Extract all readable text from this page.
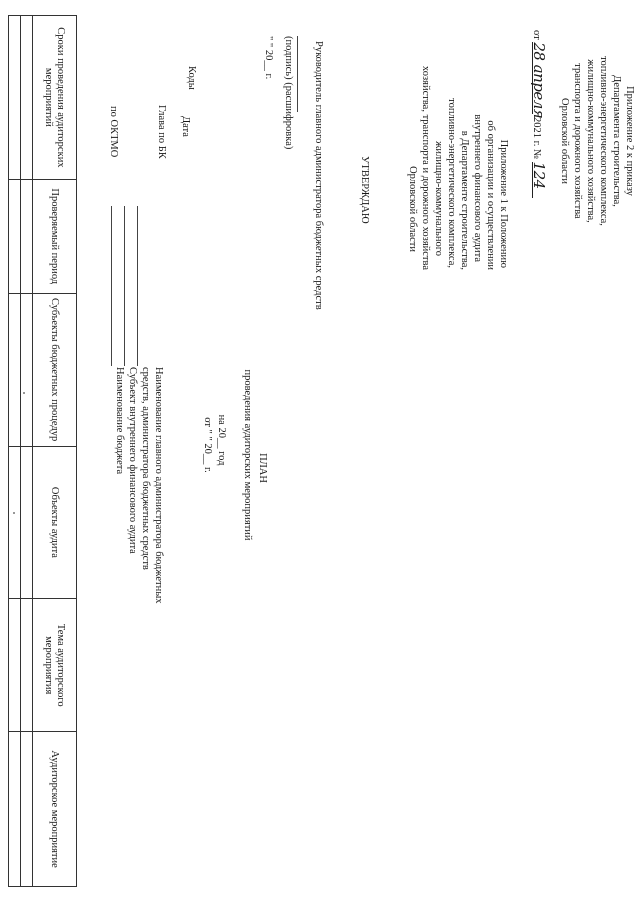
Приложение 2 к приказу
Департамента строительства,
топливно-энергетического комплекса,
жилищно-коммунального хозяйства,
транспорта и дорожного хозяйства
Орловской области
от 28 апреля 2021 г. № 124
Приложение 1 к Положению
об организации и осуществлении
внутреннего финансового аудита
в Департаменте строительства,
топливно-энергетического комплекса,
жилищно-коммунального
хозяйства, транспорта и дорожного хозяйства
Орловской области
УТВЕРЖДАЮ
Руководитель главного администратора бюджетных средств
(подпись) (расшифровка)
" " 20__ г.
Коды
Дата
Глава по БК
по ОКТМО
ПЛАН
проведения аудиторских мероприятий
на 20__ год
от " " 20__ г.
Наименование главного администратора бюджетных
средств, администратора бюджетных средств
Субъект внутреннего финансового аудита
Наименование бюджета
Сроки проведения аудиторских мероприятий	Проверяемый период	Субъекты бюджетных процедур	Объекты аудита	Тема аудиторского мероприятия	Аудиторское мероприятие
